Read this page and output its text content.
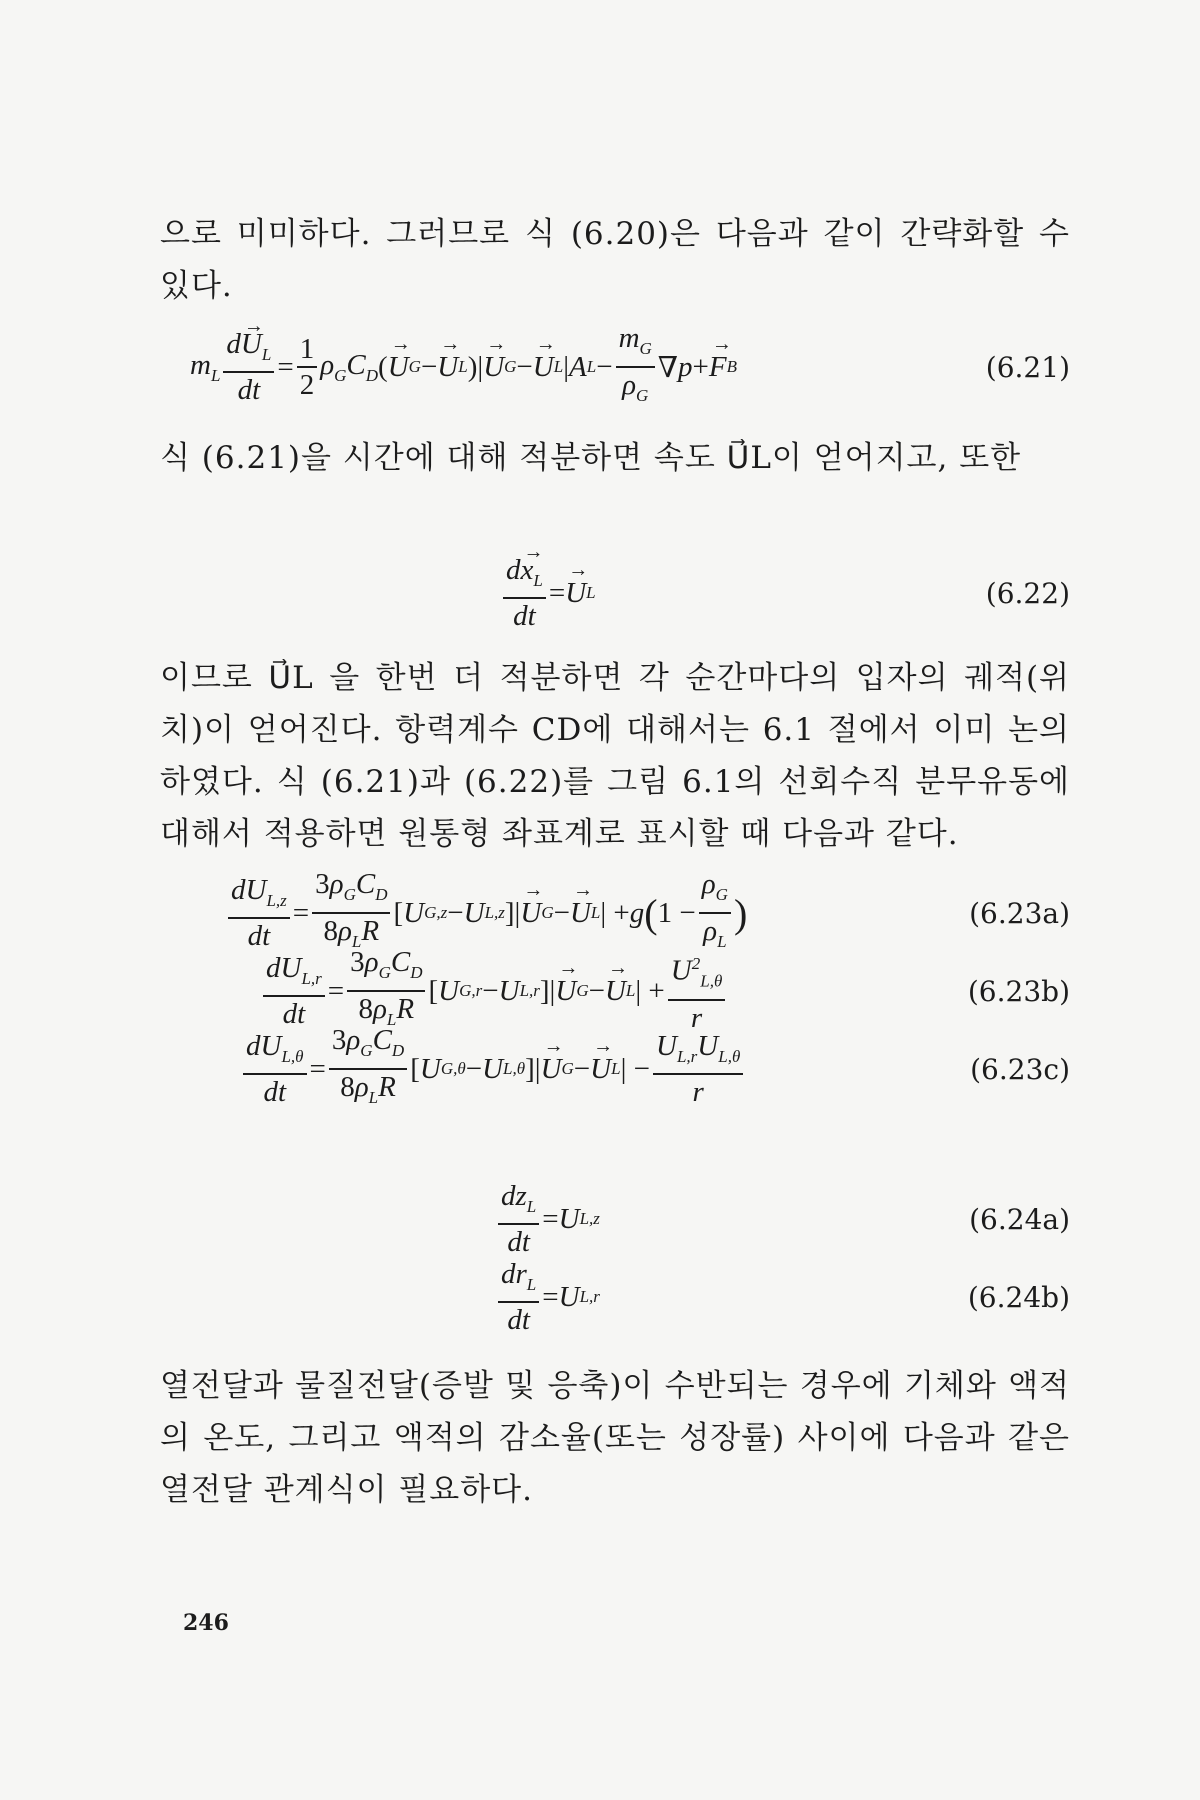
으로 미미하다. 그러므로 식 (6.20)은 다음과 같이 간략화할 수 있다.

$m_L \frac{d\to U_L}{dt} = \frac{1}{2} \rho_GC_D$ ( → U G − → U L )| → U G − → U L | A $L - \frac{m_G}{\rho_G}$ ∇ p + → F B	(6.21)

식 (6.21)을 시간에 대해 적분하면 속도 U⃗L이 얻어지고, 또한

$\frac{d\to x_L}{dt}$ = → U L	(6.22)

이므로 U⃗L 을 한번 더 적분하면 각 순간마다의 입자의 궤적(위치)이 얻어진다. 항력계수 CD에 대해서는 6.1 절에서 이미 논의하였다. 식 (6.21)과 (6.22)를 그림 6.1의 선회수직 분무유동에 대해서 적용하면 원통형 좌표계로 표시할 때 다음과 같다.

$\frac{dU_{L,z}}{dt} = \frac{3\rho_GC_D}{8\rho_LR}$ [ U G,z − U L,z ]| → U G − → U L | + g ( $1 - \frac{\rho_G}{\rho_L}$ )	(6.23a)
$\frac{dU_{L,r}}{dt} = \frac{3\rho_GC_D}{8\rho_LR}$ [ U G,r − U L,r ]| → U G − → U L | + $\frac{U^2_{L,\theta}}{r}$	(6.23b)
$\frac{dU_{L,\theta}}{dt} = \frac{3\rho_GC_D}{8\rho_LR}$ [ U G,θ − U L,θ ]| → U G − → U L | − $\frac{U_{L,r}U_{L,\theta}}{r}$	(6.23c)
$\frac{dz_L}{dt} = U$ L,z	(6.24a)
$\frac{dr_L}{dt} = U$ L,r	(6.24b)

열전달과 물질전달(증발 및 응축)이 수반되는 경우에 기체와 액적의 온도, 그리고 액적의 감소율(또는 성장률) 사이에 다음과 같은 열전달 관계식이 필요하다.

246
